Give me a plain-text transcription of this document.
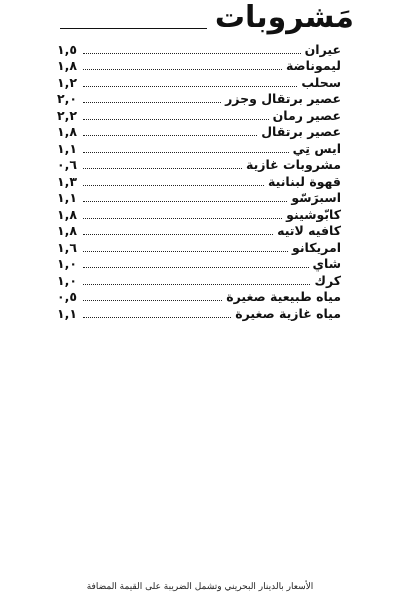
مَشروبات
عيران
١,٥
ليموناضة
١,٨
سحلب
١,٢
عصير برتقال وجزر
٢,٠
عصير رمان
٢,٢
عصير برتقال
١,٨
ايس تِي
١,١
مشروبات غازية
٠,٦
قهوة لبنانية
١,٣
اسبرَسّو
١,١
كابّوشينو
١,٨
كافيه لاتيه
١,٨
امريكانو
١,٦
شاي
١,٠
كرك
١,٠
مياه طبيعية صغيرة
٠,٥
مياه غازية صغيرة
١,١
الأسعار بالدينار البحريني وتشمل الضريبة على القيمة المضافة
